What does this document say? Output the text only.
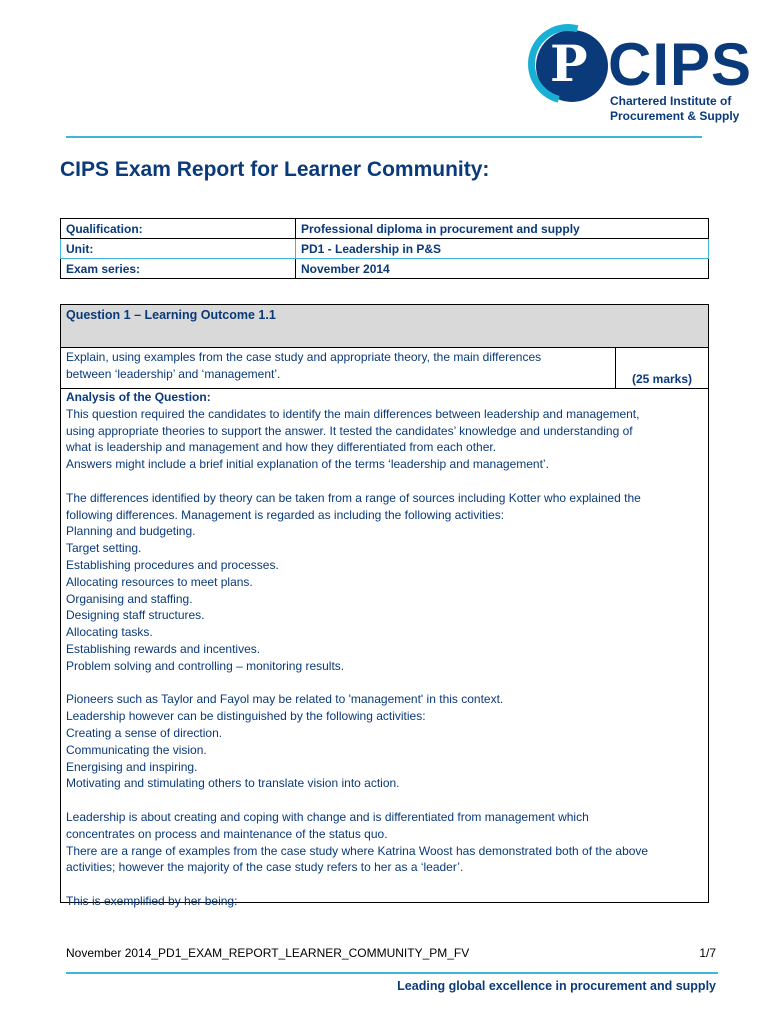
P CIPS
Chartered Institute of
Procurement & Supply
CIPS Exam Report for Learner Community:
Qualification:	Professional diploma in procurement and supply
Unit:	PD1 - Leadership in P&S
Exam series:	November 2014
Question 1 – Learning Outcome 1.1
Explain, using examples from the case study and appropriate theory, the main differences
between ‘leadership’ and ‘management’.	(25 marks)
Analysis of the Question:
This question required the candidates to identify the main differences between leadership and management,
using appropriate theories to support the answer. It tested the candidates’ knowledge and understanding of
what is leadership and management and how they differentiated from each other.
Answers might include a brief initial explanation of the terms ‘leadership and management’.
The differences identified by theory can be taken from a range of sources including Kotter who explained the
following differences. Management is regarded as including the following activities:
Planning and budgeting.
Target setting.
Establishing procedures and processes.
Allocating resources to meet plans.
Organising and staffing.
Designing staff structures.
Allocating tasks.
Establishing rewards and incentives.
Problem solving and controlling – monitoring results.
Pioneers such as Taylor and Fayol may be related to 'management' in this context.
Leadership however can be distinguished by the following activities:
Creating a sense of direction.
Communicating the vision.
Energising and inspiring.
Motivating and stimulating others to translate vision into action.
Leadership is about creating and coping with change and is differentiated from management which
concentrates on process and maintenance of the status quo.
There are a range of examples from the case study where Katrina Woost has demonstrated both of the above
activities; however the majority of the case study refers to her as a ‘leader’.
This is exemplified by her being:
November 2014_PD1_EXAM_REPORT_LEARNER_COMMUNITY_PM_FV	1/7
Leading global excellence in procurement and supply
